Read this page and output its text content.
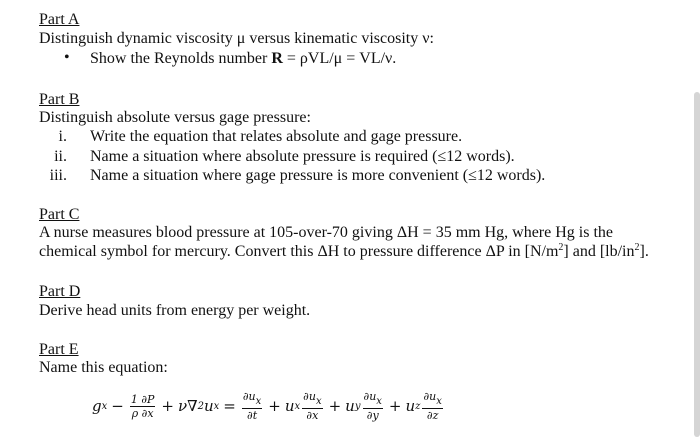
Part A
Distinguish dynamic viscosity μ versus kinematic viscosity ν:
• Show the Reynolds number R = ρVL/μ = VL/ν.
Part B
Distinguish absolute versus gage pressure:
i. Write the equation that relates absolute and gage pressure.
ii. Name a situation where absolute pressure is required (≤12 words).
iii. Name a situation where gage pressure is more convenient (≤12 words).
Part C
A nurse measures blood pressure at 105-over-70 giving ΔH = 35 mm Hg, where Hg is the
chemical symbol for mercury. Convert this ΔH to pressure difference ΔP in $[N/m^2]$ and $[lb/in^2]$.
Part D
Derive head units from energy per weight.
Part E
Name this equation:
g $x - \frac{1 \partial P}{\rho \partial x} + \nu\nabla$ 2 u $x = \frac{\partial ux}{\partial t} + u$ x $\frac{\partial ux}{\partial x} + u$ y $\frac{\partial ux}{\partial y} + u$ z $\frac{\partial ux}{\partial z}$
